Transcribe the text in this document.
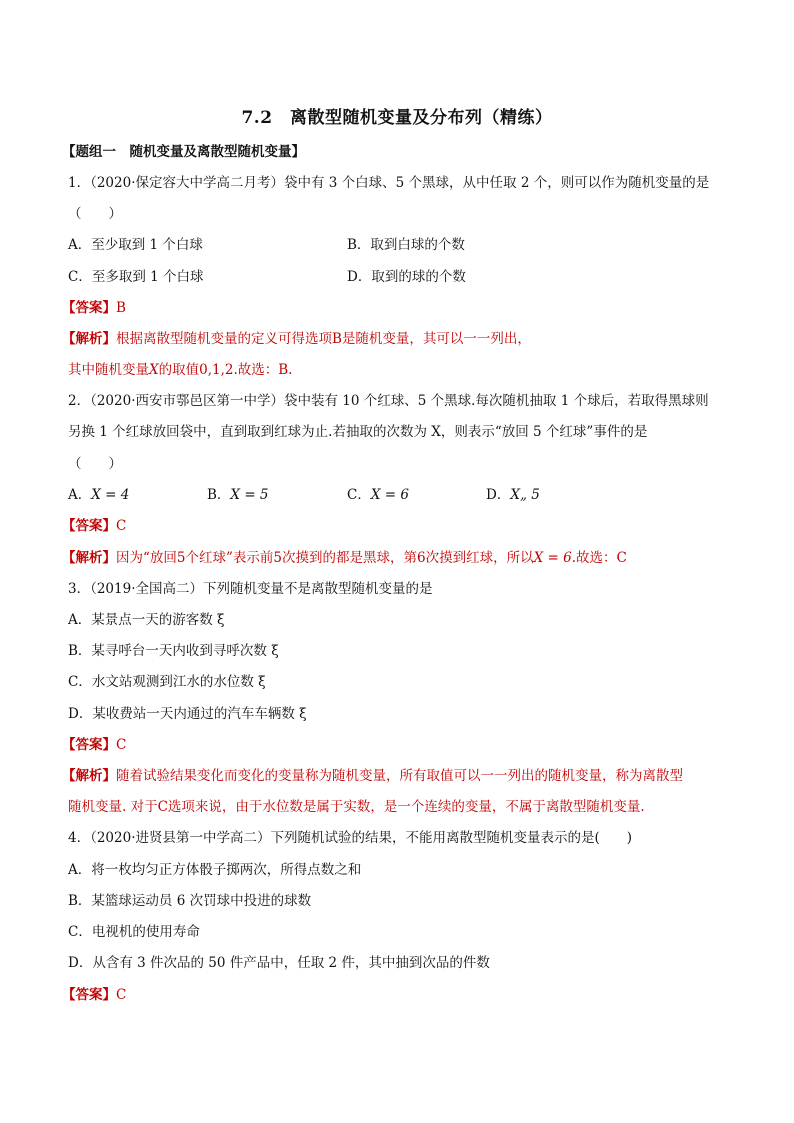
7.2　离散型随机变量及分布列（精练）
【题组一　随机变量及离散型随机变量】
1．（2020·保定容大中学高二月考）袋中有 3 个白球、5 个黑球，从中任取 2 个，则可以作为随机变量的是
（　　）
A．至少取到 1 个白球	B．取到白球的个数
C．至多取到 1 个白球	D．取到的球的个数
【答案】B
【解析】根据离散型随机变量的定义可得选项B是随机变量，其可以一一列出，
其中随机变量X的取值0,1,2.故选：B.
2．（2020·西安市鄠邑区第一中学）袋中装有 10 个红球、5 个黑球.每次随机抽取 1 个球后，若取得黑球则
另换 1 个红球放回袋中，直到取到红球为止.若抽取的次数为 X，则表示“放回 5 个红球”事件的是
（　　）
A．X = 4	B．X = 5	C．X = 6	D．X„ 5
【答案】C
【解析】因为“放回5个红球”表示前5次摸到的都是黑球，第6次摸到红球，所以X = 6.故选：C
3．（2019·全国高二）下列随机变量不是离散型随机变量的是
A．某景点一天的游客数 ξ
B．某寻呼台一天内收到寻呼次数 ξ
C．水文站观测到江水的水位数 ξ
D．某收费站一天内通过的汽车车辆数 ξ
【答案】C
【解析】随着试验结果变化而变化的变量称为随机变量，所有取值可以一一列出的随机变量，称为离散型
随机变量. 对于C选项来说，由于水位数是属于实数，是一个连续的变量，不属于离散型随机变量.
4．（2020·进贤县第一中学高二）下列随机试验的结果，不能用离散型随机变量表示的是(　　)
A．将一枚均匀正方体骰子掷两次，所得点数之和
B．某篮球运动员 6 次罚球中投进的球数
C．电视机的使用寿命
D．从含有 3 件次品的 50 件产品中，任取 2 件，其中抽到次品的件数
【答案】C
